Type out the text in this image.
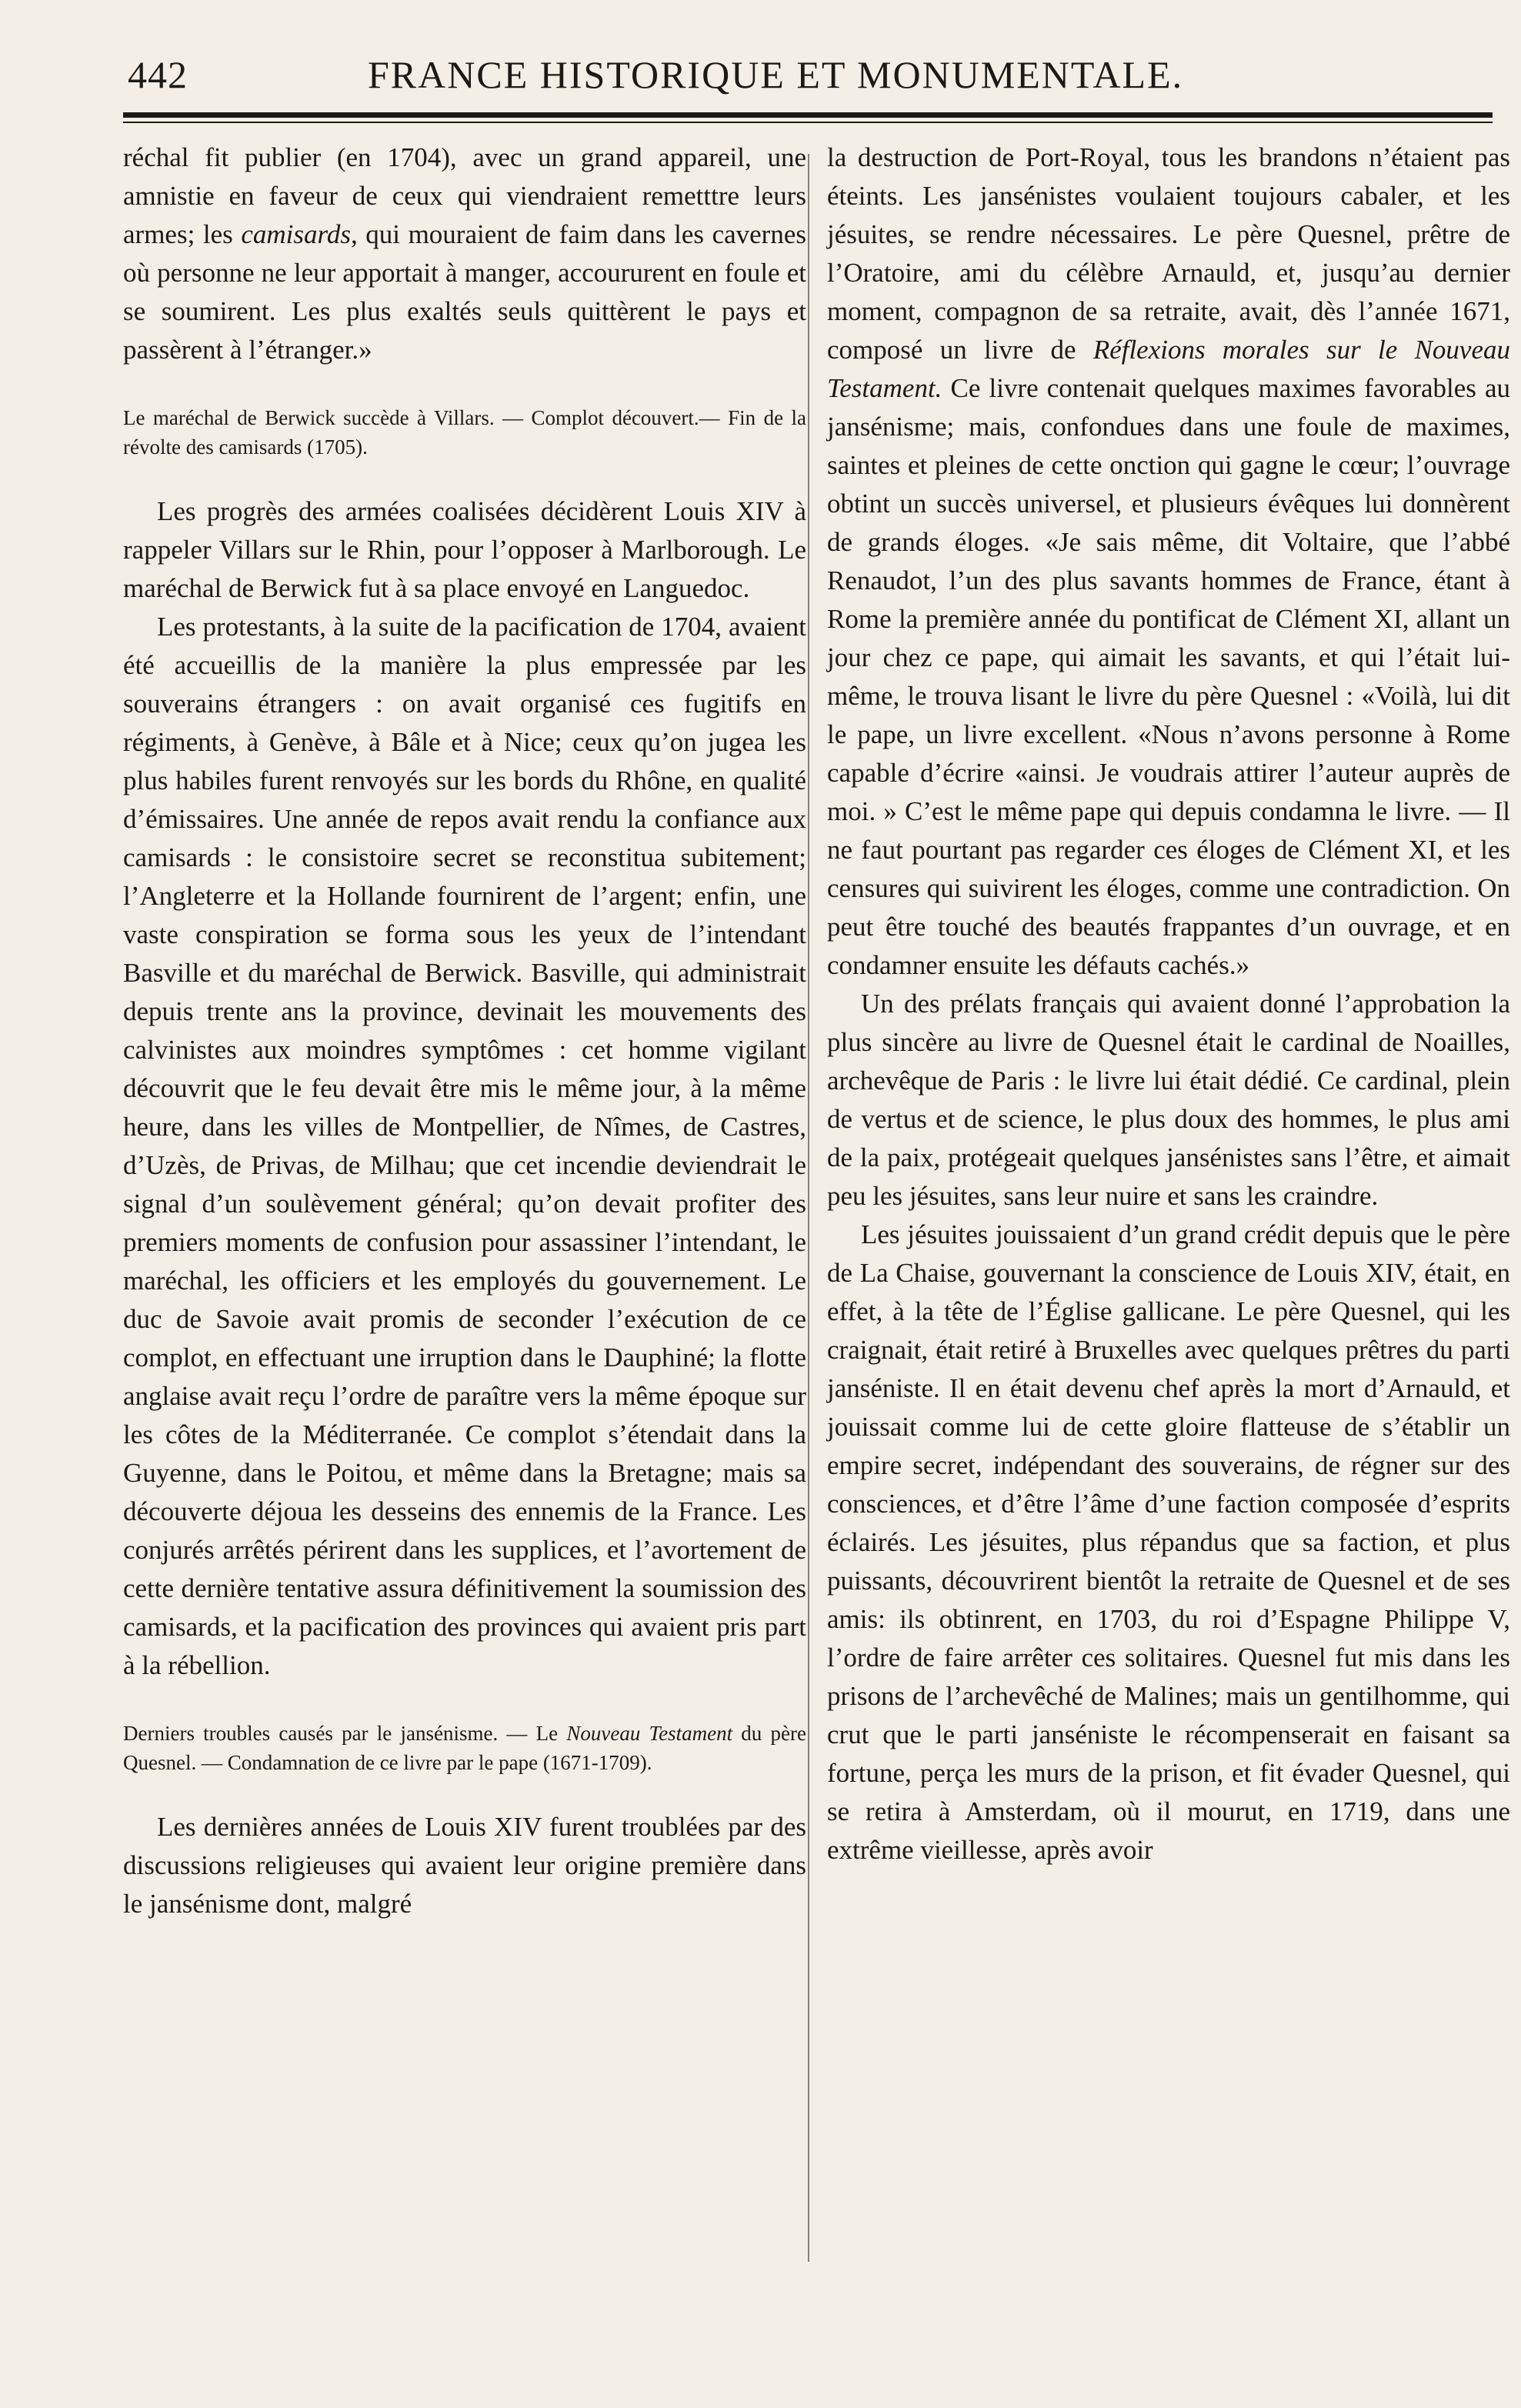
442	FRANCE HISTORIQUE ET MONUMENTALE.

réchal fit publier (en 1704), avec un grand appareil, une amnistie en faveur de ceux qui viendraient remetttre leurs armes; les camisards, qui mouraient de faim dans les cavernes où personne ne leur apportait à manger, accoururent en foule et se soumirent. Les plus exaltés seuls quittèrent le pays et passèrent à l’étranger.»

Le maréchal de Berwick succède à Villars. — Complot découvert.— Fin de la révolte des camisards (1705).

Les progrès des armées coalisées décidèrent Louis XIV à rappeler Villars sur le Rhin, pour l’opposer à Marlborough. Le maréchal de Berwick fut à sa place envoyé en Languedoc.

Les protestants, à la suite de la pacification de 1704, avaient été accueillis de la manière la plus empressée par les souverains étrangers : on avait organisé ces fugitifs en régiments, à Genève, à Bâle et à Nice; ceux qu’on jugea les plus habiles furent renvoyés sur les bords du Rhône, en qualité d’émissaires. Une année de repos avait rendu la confiance aux camisards : le consistoire secret se reconstitua subitement; l’Angleterre et la Hollande fournirent de l’argent; enfin, une vaste conspiration se forma sous les yeux de l’intendant Basville et du maréchal de Berwick. Basville, qui administrait depuis trente ans la province, devinait les mouvements des calvinistes aux moindres symptômes : cet homme vigilant découvrit que le feu devait être mis le même jour, à la même heure, dans les villes de Montpellier, de Nîmes, de Castres, d’Uzès, de Privas, de Milhau; que cet incendie deviendrait le signal d’un soulèvement général; qu’on devait profiter des premiers moments de confusion pour assassiner l’intendant, le maréchal, les officiers et les employés du gouvernement. Le duc de Savoie avait promis de seconder l’exécution de ce complot, en effectuant une irruption dans le Dauphiné; la flotte anglaise avait reçu l’ordre de paraître vers la même époque sur les côtes de la Méditerranée. Ce complot s’étendait dans la Guyenne, dans le Poitou, et même dans la Bretagne; mais sa découverte déjoua les desseins des ennemis de la France. Les conjurés arrêtés périrent dans les supplices, et l’avortement de cette dernière tentative assura définitivement la soumission des camisards, et la pacification des provinces qui avaient pris part à la rébellion.

Derniers troubles causés par le jansénisme. — Le Nouveau Testament du père Quesnel. — Condamnation de ce livre par le pape (1671-1709).

Les dernières années de Louis XIV furent troublées par des discussions religieuses qui avaient leur origine première dans le jansénisme dont, malgré

la destruction de Port-Royal, tous les brandons n’étaient pas éteints. Les jansénistes voulaient toujours cabaler, et les jésuites, se rendre nécessaires. Le père Quesnel, prêtre de l’Oratoire, ami du célèbre Arnauld, et, jusqu’au dernier moment, compagnon de sa retraite, avait, dès l’année 1671, composé un livre de Réflexions morales sur le Nouveau Testament. Ce livre contenait quelques maximes favorables au jansénisme; mais, confondues dans une foule de maximes, saintes et pleines de cette onction qui gagne le cœur; l’ouvrage obtint un succès universel, et plusieurs évêques lui donnèrent de grands éloges. «Je sais même, dit Voltaire, que l’abbé Renaudot, l’un des plus savants hommes de France, étant à Rome la première année du pontificat de Clément XI, allant un jour chez ce pape, qui aimait les savants, et qui l’était lui-même, le trouva lisant le livre du père Quesnel : «Voilà, lui dit le pape, un livre excellent. «Nous n’avons personne à Rome capable d’écrire «ainsi. Je voudrais attirer l’auteur auprès de moi. » C’est le même pape qui depuis condamna le livre. — Il ne faut pourtant pas regarder ces éloges de Clément XI, et les censures qui suivirent les éloges, comme une contradiction. On peut être touché des beautés frappantes d’un ouvrage, et en condamner ensuite les défauts cachés.»

Un des prélats français qui avaient donné l’approbation la plus sincère au livre de Quesnel était le cardinal de Noailles, archevêque de Paris : le livre lui était dédié. Ce cardinal, plein de vertus et de science, le plus doux des hommes, le plus ami de la paix, protégeait quelques jansénistes sans l’être, et aimait peu les jésuites, sans leur nuire et sans les craindre.

Les jésuites jouissaient d’un grand crédit depuis que le père de La Chaise, gouvernant la conscience de Louis XIV, était, en effet, à la tête de l’Église gallicane. Le père Quesnel, qui les craignait, était retiré à Bruxelles avec quelques prêtres du parti janséniste. Il en était devenu chef après la mort d’Arnauld, et jouissait comme lui de cette gloire flatteuse de s’établir un empire secret, indépendant des souverains, de régner sur des consciences, et d’être l’âme d’une faction composée d’esprits éclairés. Les jésuites, plus répandus que sa faction, et plus puissants, découvrirent bientôt la retraite de Quesnel et de ses amis: ils obtinrent, en 1703, du roi d’Espagne Philippe V, l’ordre de faire arrêter ces solitaires. Quesnel fut mis dans les prisons de l’archevêché de Malines; mais un gentilhomme, qui crut que le parti janséniste le récompenserait en faisant sa fortune, perça les murs de la prison, et fit évader Quesnel, qui se retira à Amsterdam, où il mourut, en 1719, dans une extrême vieillesse, après avoir
